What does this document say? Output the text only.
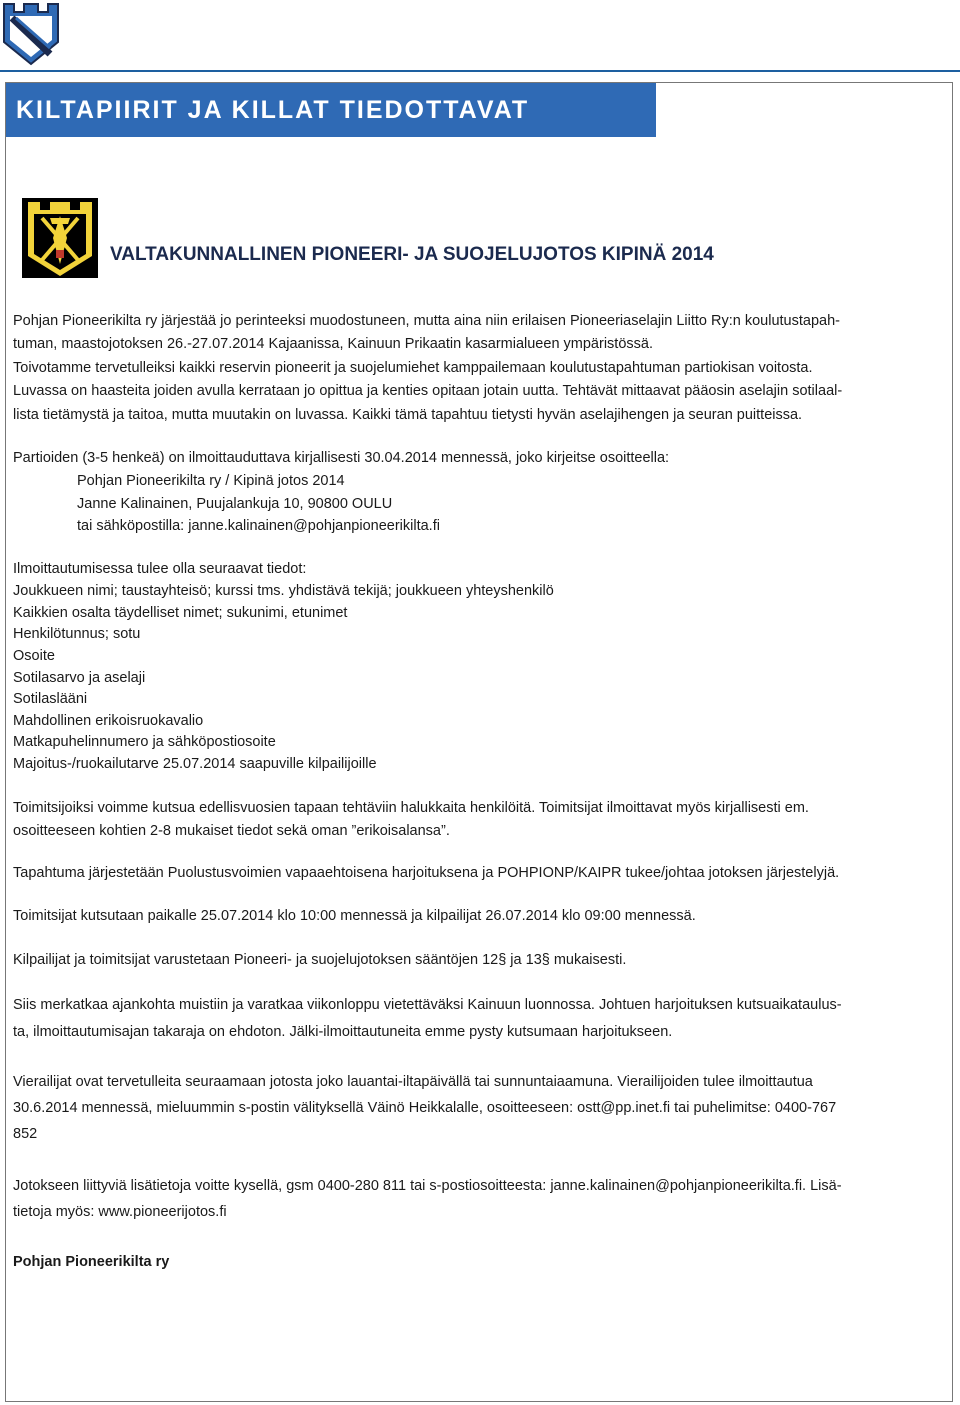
KILTAPIIRIT JA KILLAT TIEDOTTAVAT
VALTAKUNNALLINEN PIONEERI- JA SUOJELUJOTOS KIPINÄ 2014
Pohjan Pioneerikilta ry järjestää jo perinteeksi muodostuneen, mutta aina niin erilaisen Pioneeriaselajin Liitto Ry:n koulutustapah-
tuman, maastojotoksen 26.-27.07.2014 Kajaanissa, Kainuun Prikaatin kasarmialueen ympäristössä.
Toivotamme tervetulleiksi kaikki reservin pioneerit ja suojelumiehet kamppailemaan koulutustapahtuman partiokisan voitosta.
Luvassa on haasteita joiden avulla kerrataan jo opittua ja kenties opitaan jotain uutta. Tehtävät mittaavat pääosin aselajin sotilaal-
lista tietämystä ja taitoa, mutta muutakin on luvassa. Kaikki tämä tapahtuu tietysti hyvän aselajihengen ja seuran puitteissa.
Partioiden (3-5 henkeä) on ilmoittauduttava kirjallisesti 30.04.2014 mennessä, joko kirjeitse osoitteella:
Pohjan Pioneerikilta ry / Kipinä jotos 2014
Janne Kalinainen, Puujalankuja 10, 90800 OULU
tai sähköpostilla: janne.kalinainen@pohjanpioneerikilta.fi
Ilmoittautumisessa tulee olla seuraavat tiedot:
Joukkueen nimi; taustayhteisö; kurssi tms. yhdistävä tekijä; joukkueen yhteyshenkilö
Kaikkien osalta täydelliset nimet; sukunimi, etunimet
Henkilötunnus; sotu
Osoite
Sotilasarvo ja aselaji
Sotilaslääni
Mahdollinen erikoisruokavalio
Matkapuhelinnumero ja sähköpostiosoite
Majoitus-/ruokailutarve 25.07.2014 saapuville kilpailijoille
Toimitsijoiksi voimme kutsua edellisvuosien tapaan tehtäviin halukkaita henkilöitä. Toimitsijat ilmoittavat myös kirjallisesti em.
osoitteeseen kohtien 2-8 mukaiset tiedot sekä oman ”erikoisalansa”.
Tapahtuma järjestetään Puolustusvoimien vapaaehtoisena harjoituksena ja POHPIONP/KAIPR tukee/johtaa jotoksen järjestelyjä.
Toimitsijat kutsutaan paikalle 25.07.2014 klo 10:00 mennessä ja kilpailijat 26.07.2014 klo 09:00 mennessä.
Kilpailijat ja toimitsijat varustetaan Pioneeri- ja suojelujotoksen sääntöjen 12§ ja 13§ mukaisesti.
Siis merkatkaa ajankohta muistiin ja varatkaa viikonloppu vietettäväksi Kainuun luonnossa. Johtuen harjoituksen kutsuaikataulus-
ta, ilmoittautumisajan takaraja on ehdoton. Jälki-ilmoittautuneita emme pysty kutsumaan harjoitukseen.
Vierailijat ovat tervetulleita seuraamaan jotosta joko lauantai-iltapäivällä tai sunnuntaiaamuna. Vierailijoiden tulee ilmoittautua
30.6.2014 mennessä, mieluummin s-postin välityksellä Väinö Heikkalalle, osoitteeseen: ostt@pp.inet.fi tai puhelimitse: 0400-767
852
Jotokseen liittyviä lisätietoja voitte kysellä, gsm 0400-280 811 tai s-postiosoitteesta: janne.kalinainen@pohjanpioneerikilta.fi. Lisä-
tietoja myös: www.pioneerijotos.fi
Pohjan Pioneerikilta ry
